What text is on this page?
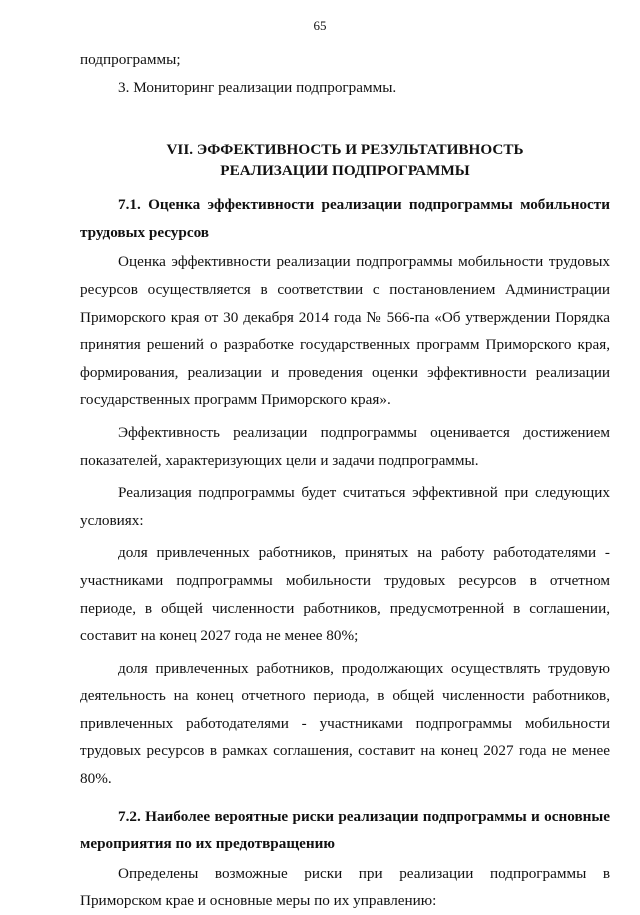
65

подпрограммы;

3. Мониторинг реализации подпрограммы.

VII. ЭФФЕКТИВНОСТЬ И РЕЗУЛЬТАТИВНОСТЬ
РЕАЛИЗАЦИИ ПОДПРОГРАММЫ

7.1. Оценка эффективности реализации подпрограммы мобильности трудовых ресурсов

Оценка эффективности реализации подпрограммы мобильности трудовых ресурсов осуществляется в соответствии с постановлением Администрации Приморского края от 30 декабря 2014 года № 566-па «Об утверждении Порядка принятия решений о разработке государственных программ Приморского края, формирования, реализации и проведения оценки эффективности реализации государственных программ Приморского края».

Эффективность реализации подпрограммы оценивается достижением показателей, характеризующих цели и задачи подпрограммы.

Реализация подпрограммы будет считаться эффективной при следующих условиях:

доля привлеченных работников, принятых на работу работодателями - участниками подпрограммы мобильности трудовых ресурсов в отчетном периоде, в общей численности работников, предусмотренной в соглашении, составит на конец 2027 года не менее 80%;

доля привлеченных работников, продолжающих осуществлять трудовую деятельность на конец отчетного периода, в общей численности работников, привлеченных работодателями - участниками подпрограммы мобильности трудовых ресурсов в рамках соглашения, составит на конец 2027 года не менее 80%.

7.2. Наиболее вероятные риски реализации подпрограммы и основные мероприятия по их предотвращению

Определены возможные риски при реализации подпрограммы в Приморском крае и основные меры по их управлению:
